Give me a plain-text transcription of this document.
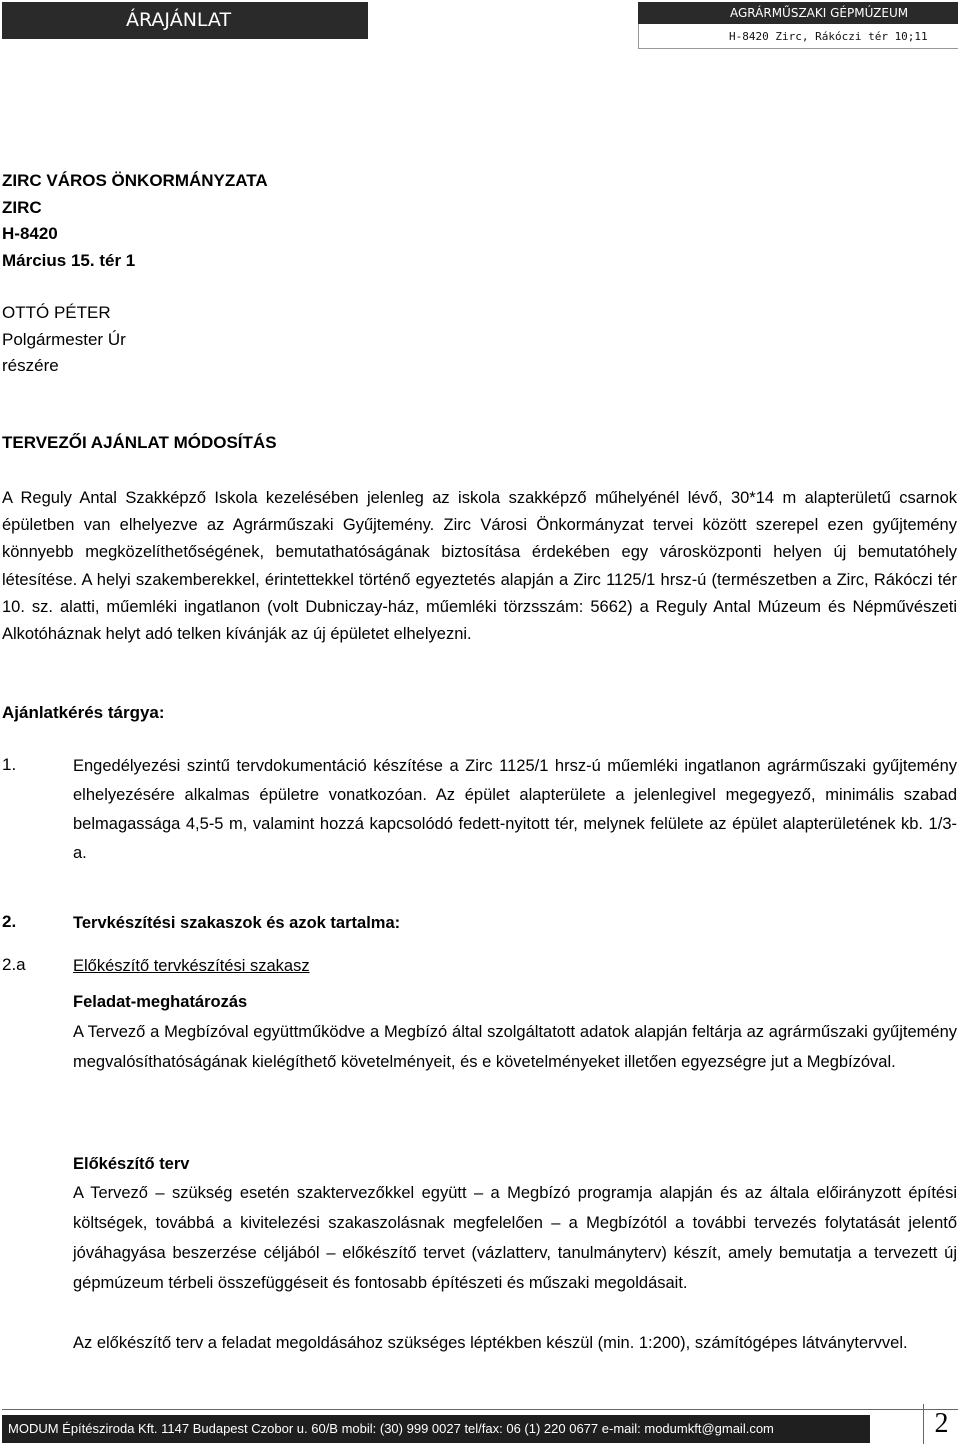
ÁRAJÁNLAT	AGRÁRMŰSZAKI GÉPMÚZEUM
H-8420 Zirc, Rákóczi tér 10;11
ZIRC VÁROS ÖNKORMÁNYZATA
ZIRC
H-8420
Március 15. tér 1
OTTÓ PÉTER
Polgármester Úr
részére
TERVEZŐI AJÁNLAT MÓDOSÍTÁS
A Reguly Antal Szakképző Iskola kezelésében jelenleg az iskola szakképző műhelyénél lévő, 30*14 m alapterületű csarnok épületben van elhelyezve az Agrárműszaki Gyűjtemény. Zirc Városi Önkormányzat tervei között szerepel ezen gyűjtemény könnyebb megközelíthetőségének, bemutathatóságának biztosítása érdekében egy városközponti helyen új bemutatóhely létesítése. A helyi szakemberekkel, érintettekkel történő egyeztetés alapján a Zirc 1125/1 hrsz-ú (természetben a Zirc, Rákóczi tér 10. sz. alatti, műemléki ingatlanon (volt Dubniczay-ház, műemléki törzsszám: 5662) a Reguly Antal Múzeum és Népművészeti Alkotóháznak helyt adó telken kívánják az új épületet elhelyezni.
Ajánlatkérés tárgya:
1.	Engedélyezési szintű tervdokumentáció készítése a Zirc 1125/1 hrsz-ú műemléki ingatlanon agrárműszaki gyűjtemény elhelyezésére alkalmas épületre vonatkozóan. Az épület alapterülete a jelenlegivel megegyező, minimális szabad belmagassága 4,5-5 m, valamint hozzá kapcsolódó fedett-nyitott tér, melynek felülete az épület alapterületének kb. 1/3-a.
2.	Tervkészítési szakaszok és azok tartalma:
2.a	Előkészítő tervkészítési szakasz
Feladat-meghatározás
A Tervező a Megbízóval együttműködve a Megbízó által szolgáltatott adatok alapján feltárja az agrárműszaki gyűjtemény megvalósíthatóságának kielégíthető követelményeit, és e követelményeket illetően egyezségre jut a Megbízóval.
Előkészítő terv
A Tervező – szükség esetén szaktervezőkkel együtt – a Megbízó programja alapján és az általa előirányzott építési költségek, továbbá a kivitelezési szakaszolásnak megfelelően – a Megbízótól a további tervezés folytatását jelentő jóváhagyása beszerzése céljából – előkészítő tervet (vázlatterv, tanulmányterv) készít, amely bemutatja a tervezett új gépmúzeum térbeli összefüggéseit és fontosabb építészeti és műszaki megoldásait.
Az előkészítő terv a feladat megoldásához szükséges léptékben készül (min. 1:200), számítógépes látványtervvel.
MODUM Építésziroda Kft. 1147 Budapest Czobor u. 60/B mobil: (30) 999 0027 tel/fax: 06 (1) 220 0677 e-mail: modumkft@gmail.com	2
